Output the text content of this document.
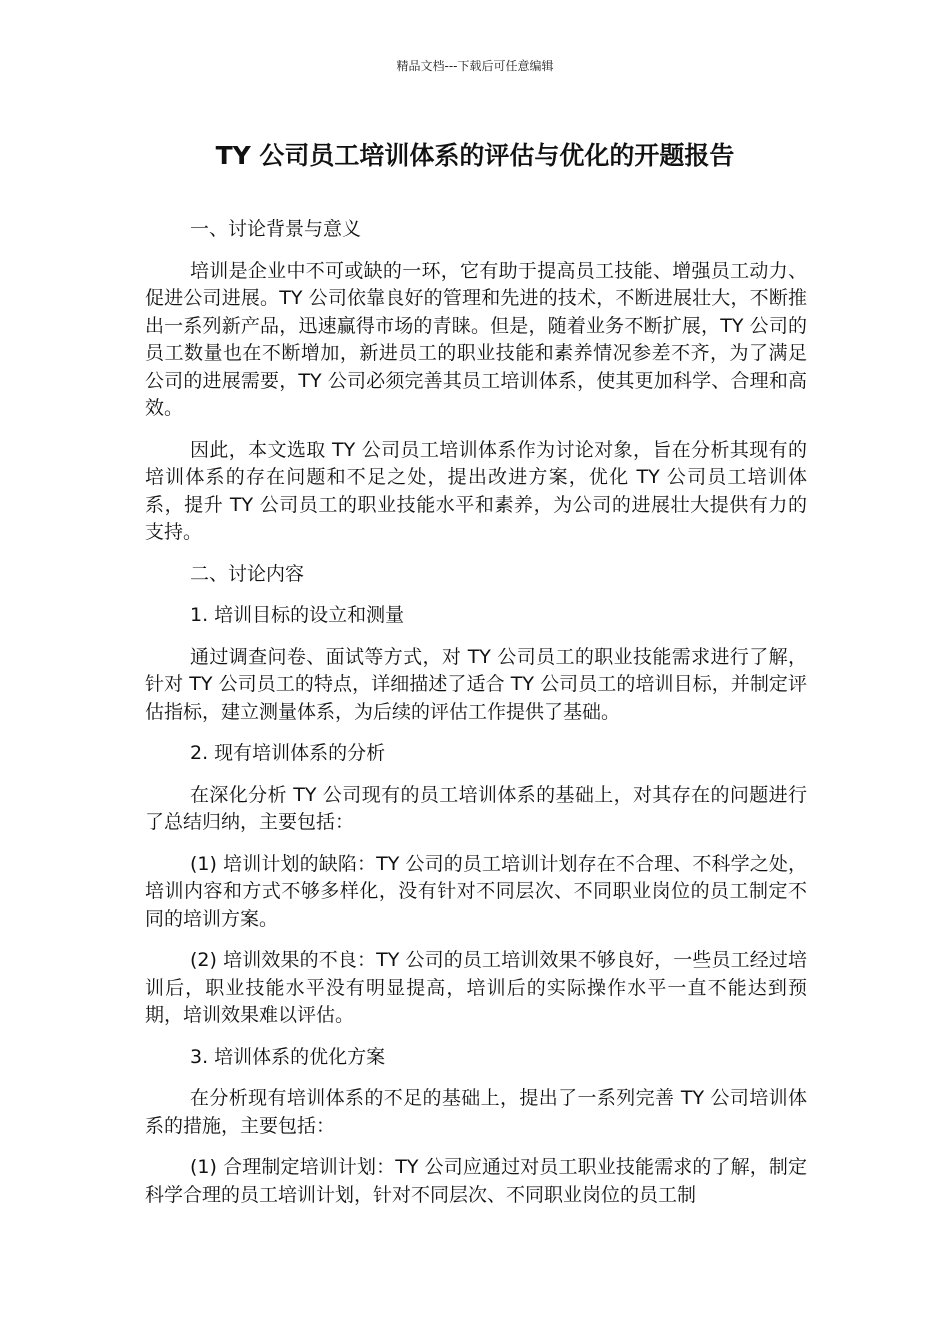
精品文档---下载后可任意编辑
TY 公司员工培训体系的评估与优化的开题报告

一、讨论背景与意义

培训是企业中不可或缺的一环，它有助于提高员工技能、增强员工动力、促进公司进展。TY 公司依靠良好的管理和先进的技术，不断进展壮大，不断推出一系列新产品，迅速赢得市场的青睐。但是，随着业务不断扩展，TY 公司的员工数量也在不断增加，新进员工的职业技能和素养情况参差不齐，为了满足公司的进展需要，TY 公司必须完善其员工培训体系，使其更加科学、合理和高效。

因此，本文选取 TY 公司员工培训体系作为讨论对象，旨在分析其现有的培训体系的存在问题和不足之处，提出改进方案，优化 TY 公司员工培训体系，提升 TY 公司员工的职业技能水平和素养，为公司的进展壮大提供有力的支持。

二、讨论内容

1. 培训目标的设立和测量

通过调查问卷、面试等方式，对 TY 公司员工的职业技能需求进行了解，针对 TY 公司员工的特点，详细描述了适合 TY 公司员工的培训目标，并制定评估指标，建立测量体系，为后续的评估工作提供了基础。

2. 现有培训体系的分析

在深化分析 TY 公司现有的员工培训体系的基础上，对其存在的问题进行了总结归纳，主要包括：

(1) 培训计划的缺陷：TY 公司的员工培训计划存在不合理、不科学之处，培训内容和方式不够多样化，没有针对不同层次、不同职业岗位的员工制定不同的培训方案。

(2) 培训效果的不良：TY 公司的员工培训效果不够良好，一些员工经过培训后，职业技能水平没有明显提高，培训后的实际操作水平一直不能达到预期，培训效果难以评估。

3. 培训体系的优化方案

在分析现有培训体系的不足的基础上，提出了一系列完善 TY 公司培训体系的措施，主要包括：

(1) 合理制定培训计划：TY 公司应通过对员工职业技能需求的了解，制定科学合理的员工培训计划，针对不同层次、不同职业岗位的员工制
